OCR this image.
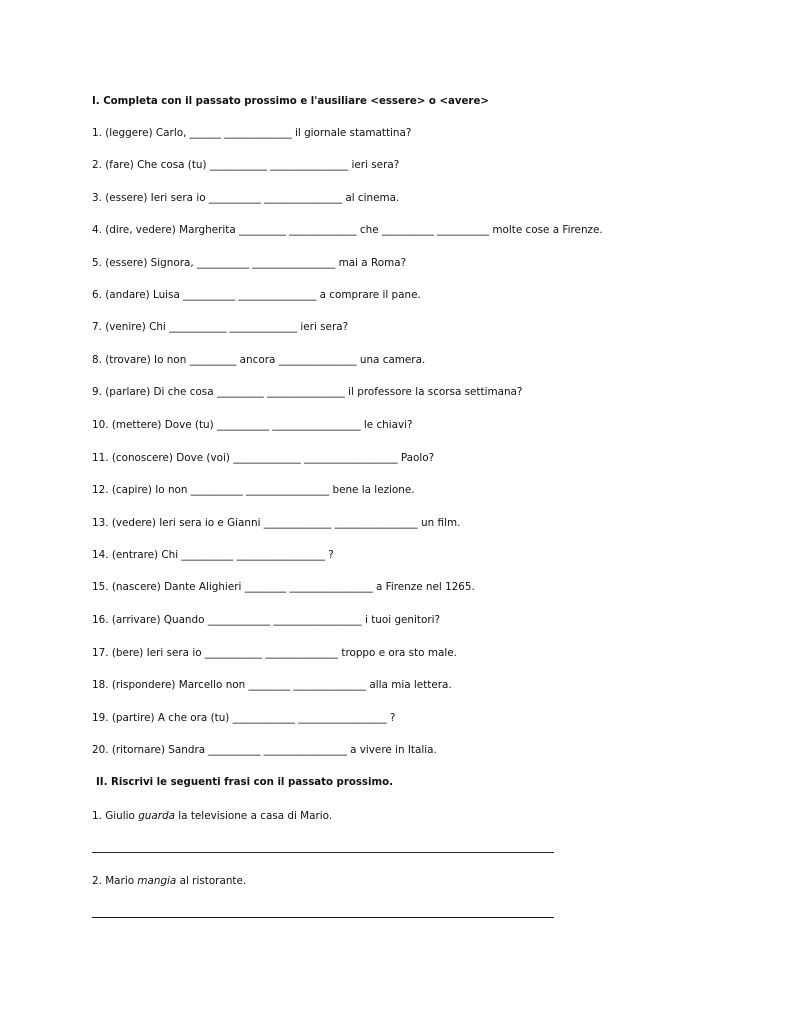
I. Completa con il passato prossimo e l'ausiliare <essere> o <avere>
1. (leggere) Carlo, ______ _____________ il giornale stamattina?
2. (fare) Che cosa (tu) ___________ _______________ ieri sera?
3. (essere) Ieri sera io __________ _______________ al cinema.
4. (dire, vedere) Margherita _________ _____________ che __________ __________ molte cose a Firenze.
5. (essere) Signora, __________ ________________ mai a Roma?
6. (andare) Luisa __________ _______________ a comprare il pane.
7. (venire) Chi ___________ _____________ ieri sera?
8. (trovare) Io non _________ ancora _______________ una camera.
9. (parlare) Di che cosa _________ _______________ il professore la scorsa settimana?
10. (mettere) Dove (tu) __________ _________________ le chiavi?
11. (conoscere) Dove (voi) _____________ __________________ Paolo?
12. (capire) Io non __________ ________________ bene la lezione.
13. (vedere) Ieri sera io e Gianni _____________ ________________ un film.
14. (entrare) Chi __________ _________________ ?
15. (nascere) Dante Alighieri ________ ________________ a Firenze nel 1265.
16. (arrivare) Quando ____________ _________________ i tuoi genitori?
17. (bere) Ieri sera io ___________ ______________ troppo e ora sto male.
18. (rispondere) Marcello non ________ ______________ alla mia lettera.
19. (partire) A che ora (tu) ____________ _________________ ?
20. (ritornare) Sandra __________ ________________ a vivere in Italia.
II. Riscrivi le seguenti frasi con il passato prossimo.
1. Giulio guarda la televisione a casa di Mario.
2. Mario mangia al ristorante.
